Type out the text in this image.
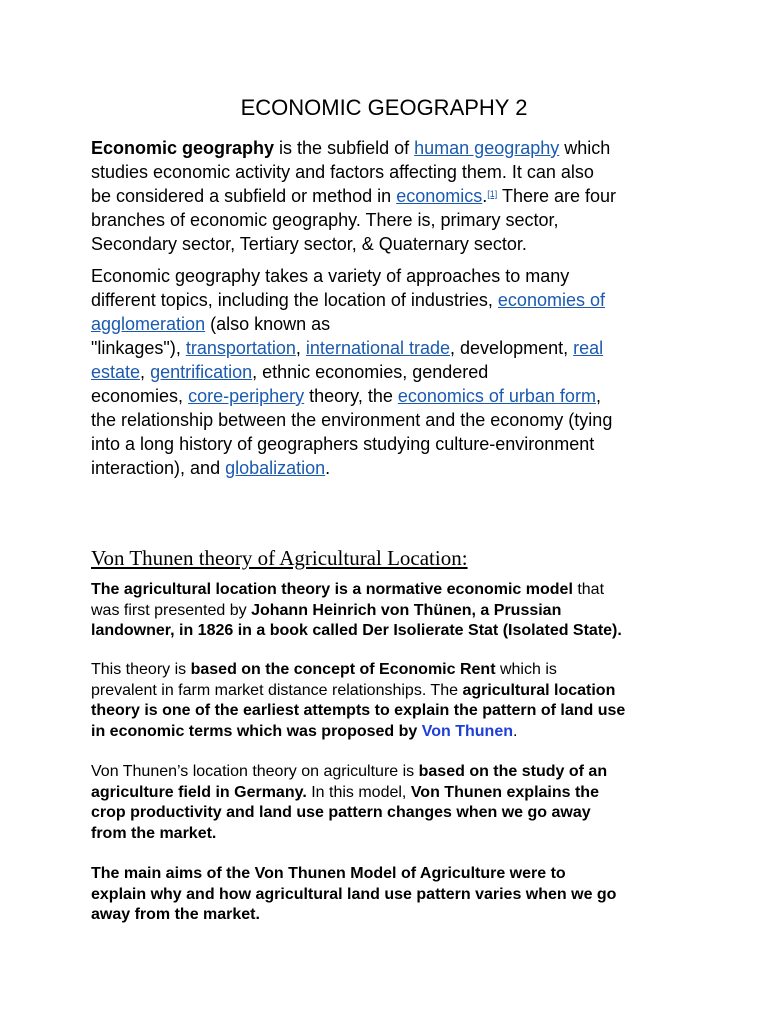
ECONOMIC GEOGRAPHY 2
Economic geography is the subfield of human geography which
studies economic activity and factors affecting them. It can also
be considered a subfield or method in economics.[1] There are four
branches of economic geography. There is, primary sector,
Secondary sector, Tertiary sector, & Quaternary sector.
Economic geography takes a variety of approaches to many
different topics, including the location of industries, economies of
agglomeration (also known as
"linkages"), transportation, international trade, development, real
estate, gentrification, ethnic economies, gendered
economies, core-periphery theory, the economics of urban form,
the relationship between the environment and the economy (tying
into a long history of geographers studying culture-environment
interaction), and globalization.
Von Thunen theory of Agricultural Location:
The agricultural location theory is a normative economic model that
was first presented by Johann Heinrich von Thünen, a Prussian
landowner, in 1826 in a book called Der Isolierate Stat (Isolated State).
This theory is based on the concept of Economic Rent which is
prevalent in farm market distance relationships. The agricultural location
theory is one of the earliest attempts to explain the pattern of land use
in economic terms which was proposed by Von Thunen.
Von Thunen’s location theory on agriculture is based on the study of an
agriculture field in Germany. In this model, Von Thunen explains the
crop productivity and land use pattern changes when we go away
from the market.
The main aims of the Von Thunen Model of Agriculture were to
explain why and how agricultural land use pattern varies when we go
away from the market.
